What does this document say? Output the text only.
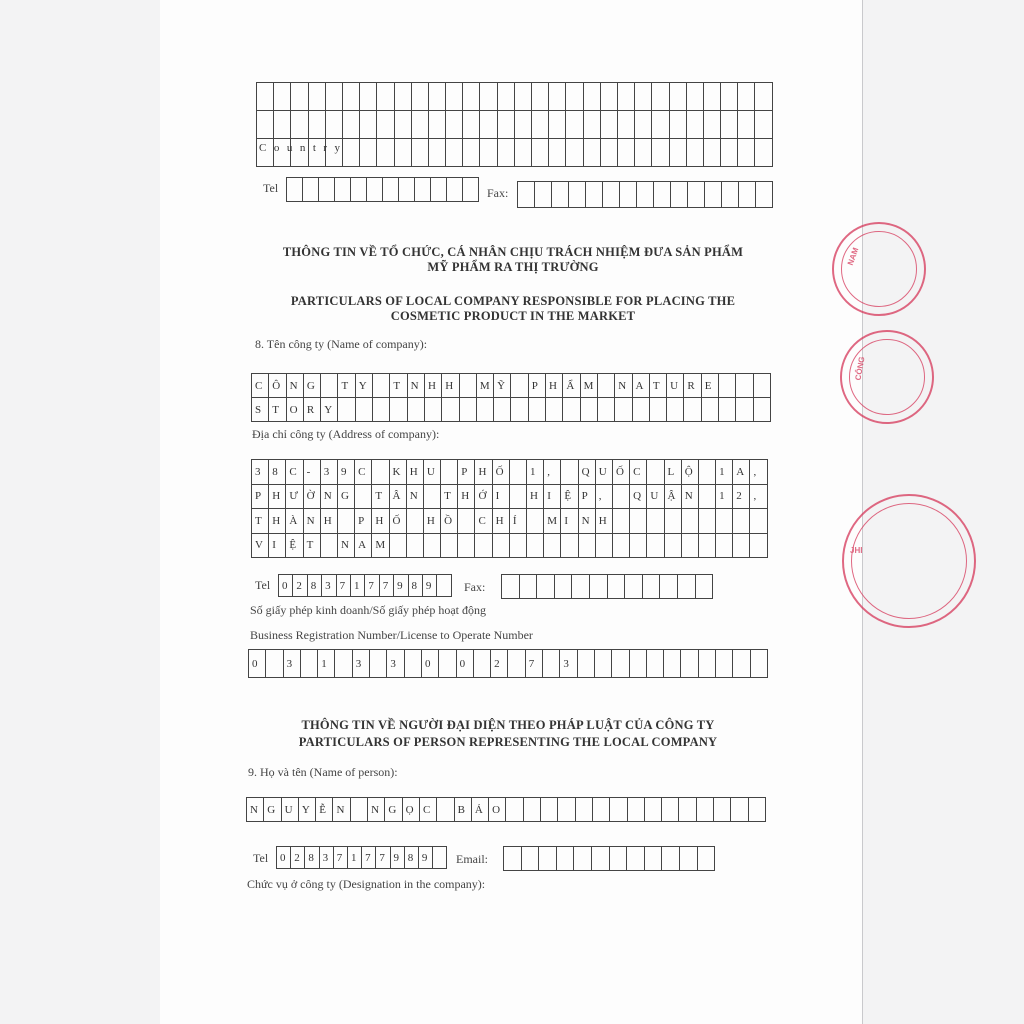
Country
Tel	Fax:
THÔNG TIN VỀ TỔ CHỨC, CÁ NHÂN CHỊU TRÁCH NHIỆM ĐƯA SẢN PHẨM
MỸ PHẨM RA THỊ TRƯỜNG
PARTICULARS OF LOCAL COMPANY RESPONSIBLE FOR PLACING THE
COSMETIC PRODUCT IN THE MARKET
8. Tên công ty (Name of company):
C Ô N G	T Y	T N H H	M Ỹ	P	H Ẩ M	N A T U R E
S	T O R Y
Địa chỉ công ty (Address of company):
3	8	C -	3	9	C	K H U	P	H Ố	1	,	Q U Ố C	L Ộ	1	A ,
P	H Ư Ờ N G	T Â N	T H Ớ I	H I	Ệ P	,	Q U Ậ N	1	2	,
T H À N H	P	H Ố	H Ồ	C H Í	M I	N H
V I	Ệ T	N A M
Tel 0 2 8 3 7 1 7 7 9 8 9	Fax:
Số giấy phép kinh doanh/Số giấy phép hoạt động
Business Registration Number/License to Operate Number
0	3	1	3	3	0	0	2	7	3
THÔNG TIN VỀ NGƯỜI ĐẠI DIỆN THEO PHÁP LUẬT CỦA CÔNG TY
PARTICULARS OF PERSON REPRESENTING THE LOCAL COMPANY
9. Họ và tên (Name of person):
N G U Y Ễ N	N G Ọ C	B Ả O
Tel 0 2 8 3 7 1 7 7 9 8 9	Email:
Chức vụ ở công ty (Designation in the company):
NAM
CÔNG
JHI
